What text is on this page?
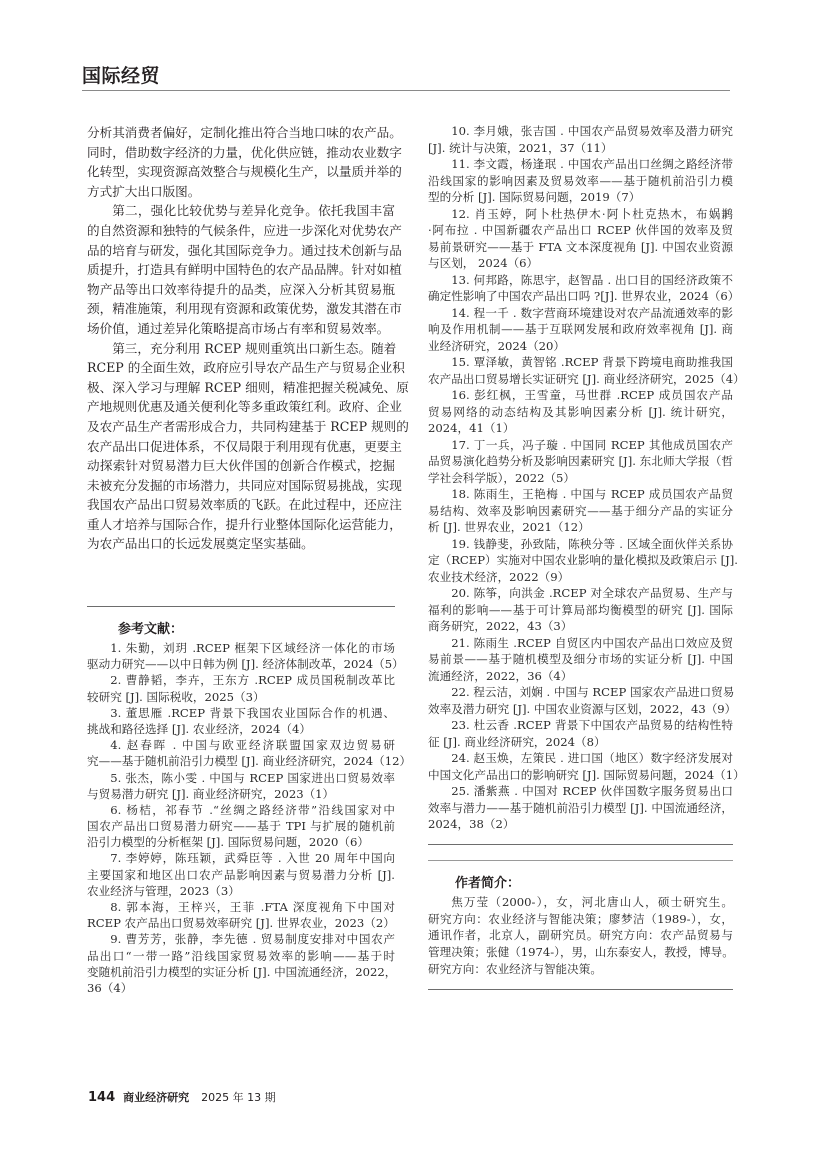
国际经贸
分析其消费者偏好，定制化推出符合当地口味的农产品。
同时，借助数字经济的力量，优化供应链，推动农业数字
化转型，实现资源高效整合与规模化生产，以量质并举的
方式扩大出口版图。
第二，强化比较优势与差异化竞争。依托我国丰富
的自然资源和独特的气候条件，应进一步深化对优势农产
品的培育与研发，强化其国际竞争力。通过技术创新与品
质提升，打造具有鲜明中国特色的农产品品牌。针对如植
物产品等出口效率待提升的品类，应深入分析其贸易瓶
颈，精准施策，利用现有资源和政策优势，激发其潜在市
场价值，通过差异化策略提高市场占有率和贸易效率。
第三，充分利用 RCEP 规则重筑出口新生态。随着
RCEP 的全面生效，政府应引导农产品生产与贸易企业积
极、深入学习与理解 RCEP 细则，精准把握关税减免、原
产地规则优惠及通关便利化等多重政策红利。政府、企业
及农产品生产者需形成合力，共同构建基于 RCEP 规则的
农产品出口促进体系，不仅局限于利用现有优惠，更要主
动探索针对贸易潜力巨大伙伴国的创新合作模式，挖掘
未被充分发掘的市场潜力，共同应对国际贸易挑战，实现
我国农产品出口贸易效率质的飞跃。在此过程中，还应注
重人才培养与国际合作，提升行业整体国际化运营能力，
为农产品出口的长远发展奠定坚实基础。
参考文献：
1. 朱勤，刘玥 .RCEP 框架下区域经济一体化的市场
驱动力研究——以中日韩为例 [J]. 经济体制改革，2024（5）
2. 曹静韬，李卉，王东方 .RCEP 成员国税制改革比
较研究 [J]. 国际税收，2025（3）
3. 董思雁 .RCEP 背景下我国农业国际合作的机遇、
挑战和路径选择 [J]. 农业经济，2024（4）
4. 赵春晖 . 中国与欧亚经济联盟国家双边贸易研
究——基于随机前沿引力模型 [J]. 商业经济研究，2024（12）
5. 张杰，陈小雯 . 中国与 RCEP 国家进出口贸易效率
与贸易潜力研究 [J]. 商业经济研究，2023（1）
6. 杨桔，祁春节 .“丝绸之路经济带”沿线国家对中
国农产品出口贸易潜力研究——基于 TPI 与扩展的随机前
沿引力模型的分析框架 [J]. 国际贸易问题，2020（6）
7. 李婷婷，陈珏颖，武舜臣等 . 入世 20 周年中国向
主要国家和地区出口农产品影响因素与贸易潜力分析 [J].
农业经济与管理，2023（3）
8. 郭本海，王梓兴，王菲 .FTA 深度视角下中国对
RCEP 农产品出口贸易效率研究 [J]. 世界农业，2023（2）
9. 曹芳芳，张静，李先德 . 贸易制度安排对中国农产
品出口“一带一路”沿线国家贸易效率的影响——基于时
变随机前沿引力模型的实证分析 [J]. 中国流通经济，2022，
36（4）
10. 李月娥，张吉国 . 中国农产品贸易效率及潜力研究
[J]. 统计与决策，2021，37（11）
11. 李文霞，杨逢珉 . 中国农产品出口丝绸之路经济带
沿线国家的影响因素及贸易效率——基于随机前沿引力模
型的分析 [J]. 国际贸易问题，2019（7）
12. 肖玉婷，阿卜杜热伊木·阿卜杜克热木，布娲鹣
·阿布拉 . 中国新疆农产品出口 RCEP 伙伴国的效率及贸
易前景研究——基于 FTA 文本深度视角 [J]. 中国农业资源
与区划， 2024（6）
13. 何邦路，陈思宇，赵智晶 . 出口目的国经济政策不
确定性影响了中国农产品出口吗 ?[J]. 世界农业，2024（6）
14. 程一千 . 数字营商环境建设对农产品流通效率的影
响及作用机制——基于互联网发展和政府效率视角 [J]. 商
业经济研究，2024（20）
15. 覃泽敏，黄智铭 .RCEP 背景下跨境电商助推我国
农产品出口贸易增长实证研究 [J]. 商业经济研究，2025（4）
16. 彭红枫，王雪童，马世群 .RCEP 成员国农产品
贸易网络的动态结构及其影响因素分析 [J]. 统计研究，
2024，41（1）
17. 丁一兵，冯子璇 . 中国同 RCEP 其他成员国农产
品贸易演化趋势分析及影响因素研究 [J]. 东北师大学报（哲
学社会科学版），2022（5）
18. 陈雨生，王艳梅 . 中国与 RCEP 成员国农产品贸
易结构、效率及影响因素研究——基于细分产品的实证分
析 [J]. 世界农业，2021（12）
19. 钱静斐，孙致陆，陈秧分等 . 区域全面伙伴关系协
定（RCEP）实施对中国农业影响的量化模拟及政策启示 [J].
农业技术经济，2022（9）
20. 陈筝，向洪金 .RCEP 对全球农产品贸易、生产与
福利的影响——基于可计算局部均衡模型的研究 [J]. 国际
商务研究，2022，43（3）
21. 陈雨生 .RCEP 自贸区内中国农产品出口效应及贸
易前景——基于随机模型及细分市场的实证分析 [J]. 中国
流通经济，2022，36（4）
22. 程云洁，刘娴 . 中国与 RCEP 国家农产品进口贸易
效率及潜力研究 [J]. 中国农业资源与区划，2022，43（9）
23. 杜云香 .RCEP 背景下中国农产品贸易的结构性特
征 [J]. 商业经济研究，2024（8）
24. 赵玉焕，左策民 . 进口国（地区）数字经济发展对
中国文化产品出口的影响研究 [J]. 国际贸易问题，2024（1）
25. 潘紫燕 . 中国对 RCEP 伙伴国数字服务贸易出口
效率与潜力——基于随机前沿引力模型 [J]. 中国流通经济，
2024，38（2）
作者简介：
焦万莹（2000-），女，河北唐山人，硕士研究生。
研究方向：农业经济与智能决策；廖梦洁（1989-），女，
通讯作者，北京人，副研究员。研究方向：农产品贸易与
管理决策；张健（1974-），男，山东泰安人，教授，博导。
研究方向：农业经济与智能决策。
144 商业经济研究 2025 年 13 期
